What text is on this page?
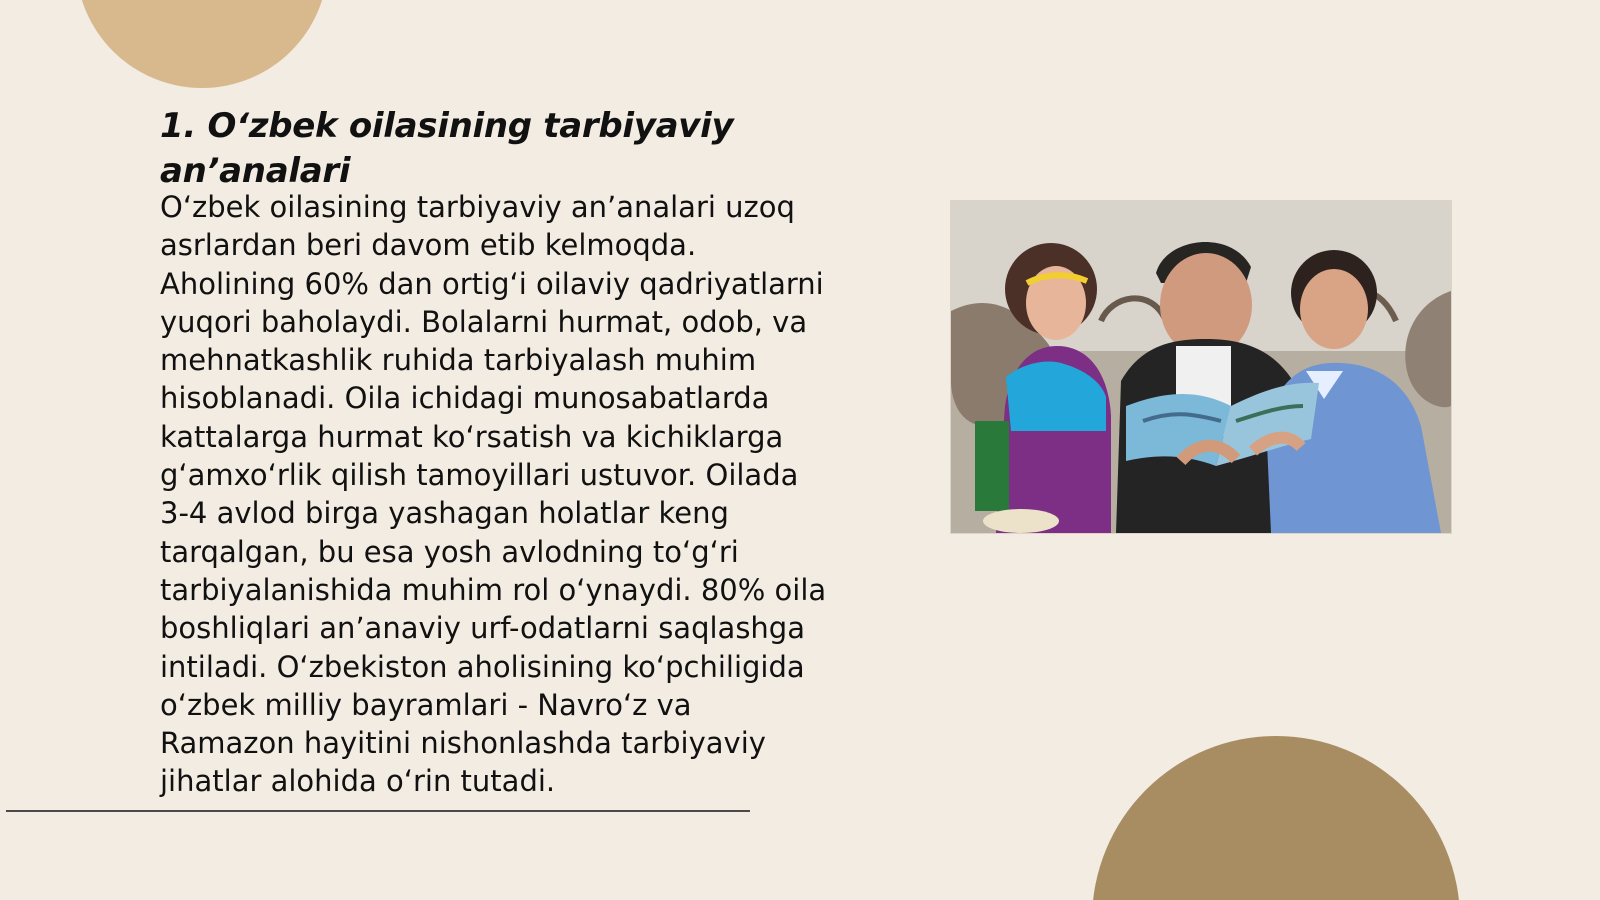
1. O‘zbek oilasining tarbiyaviy an’analari

O‘zbek oilasining tarbiyaviy an’analari uzoq
asrlardan beri davom etib kelmoqda.
Aholining 60% dan ortig‘i oilaviy qadriyatlarni
yuqori baholaydi. Bolalarni hurmat, odob, va
mehnatkashlik ruhida tarbiyalash muhim
hisoblanadi. Oila ichidagi munosabatlarda
kattalarga hurmat ko‘rsatish va kichiklarga
g‘amxo‘rlik qilish tamoyillari ustuvor. Oilada
3-4 avlod birga yashagan holatlar keng
tarqalgan, bu esa yosh avlodning to‘g‘ri
tarbiyalanishida muhim rol o‘ynaydi. 80% oila
boshliqlari an’anaviy urf-odatlarni saqlashga
intiladi. O‘zbekiston aholisining ko‘pchiligida
o‘zbek milliy bayramlari - Navro‘z va
Ramazon hayitini nishonlashda tarbiyaviy
jihatlar alohida o‘rin tutadi.
